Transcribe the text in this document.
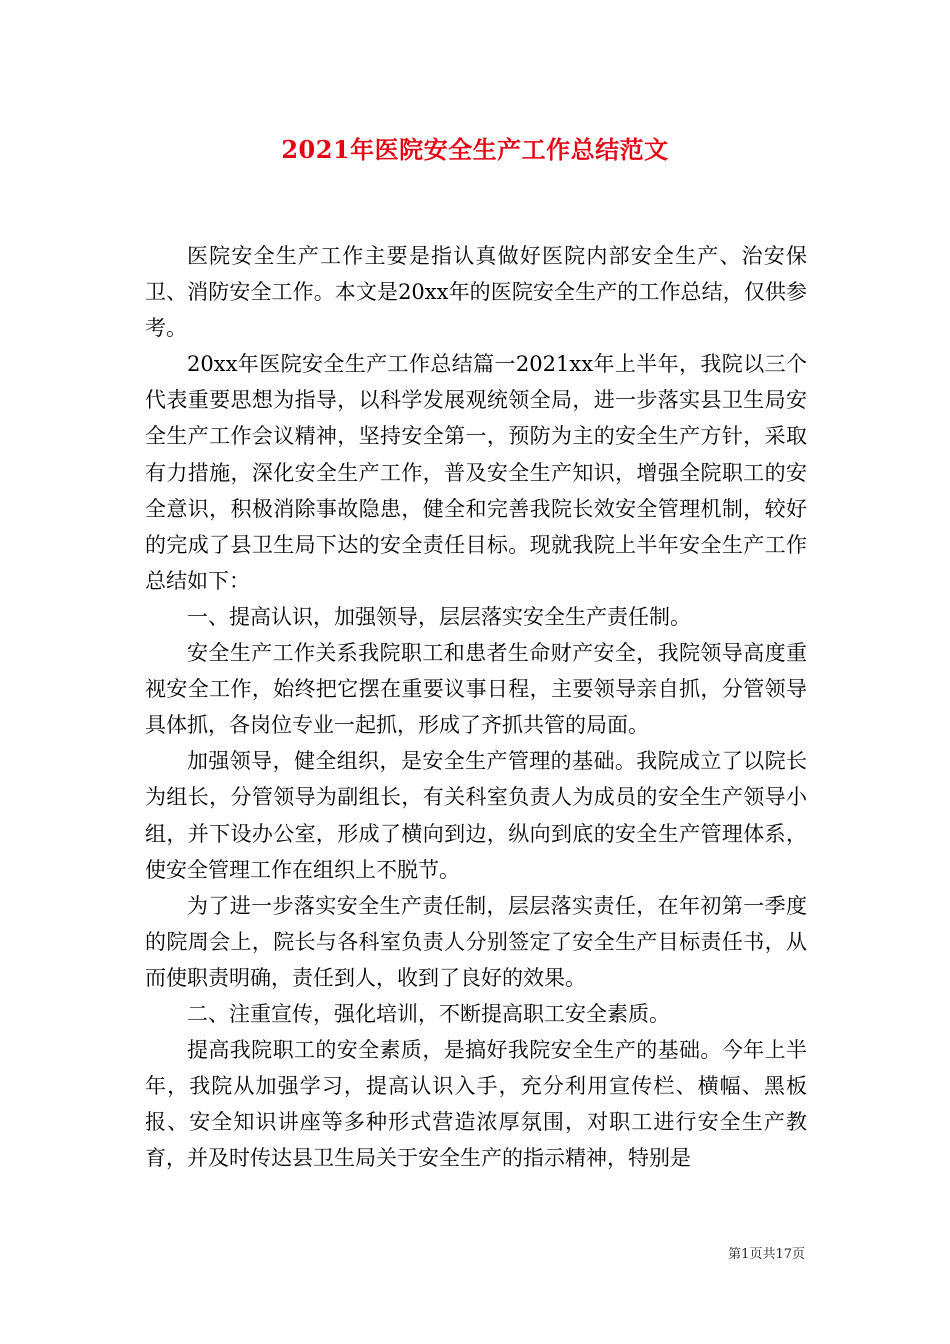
2021年医院安全生产工作总结范文

医院安全生产工作主要是指认真做好医院内部安全生产、治安保卫、消防安全工作。本文是20xx年的医院安全生产的工作总结，仅供参考。

20xx年医院安全生产工作总结篇一2021xx年上半年，我院以三个代表重要思想为指导，以科学发展观统领全局，进一步落实县卫生局安全生产工作会议精神，坚持安全第一，预防为主的安全生产方针，采取有力措施，深化安全生产工作，普及安全生产知识，增强全院职工的安全意识，积极消除事故隐患，健全和完善我院长效安全管理机制，较好的完成了县卫生局下达的安全责任目标。现就我院上半年安全生产工作总结如下：

一、提高认识，加强领导，层层落实安全生产责任制。

安全生产工作关系我院职工和患者生命财产安全，我院领导高度重视安全工作，始终把它摆在重要议事日程，主要领导亲自抓，分管领导具体抓，各岗位专业一起抓，形成了齐抓共管的局面。

加强领导，健全组织，是安全生产管理的基础。我院成立了以院长为组长，分管领导为副组长，有关科室负责人为成员的安全生产领导小组，并下设办公室，形成了横向到边，纵向到底的安全生产管理体系，使安全管理工作在组织上不脱节。

为了进一步落实安全生产责任制，层层落实责任，在年初第一季度的院周会上，院长与各科室负责人分别签定了安全生产目标责任书，从而使职责明确，责任到人，收到了良好的效果。

二、注重宣传，强化培训，不断提高职工安全素质。

提高我院职工的安全素质，是搞好我院安全生产的基础。今年上半年，我院从加强学习，提高认识入手，充分利用宣传栏、横幅、黑板报、安全知识讲座等多种形式营造浓厚氛围，对职工进行安全生产教育，并及时传达县卫生局关于安全生产的指示精神，特别是

第1页共17页
